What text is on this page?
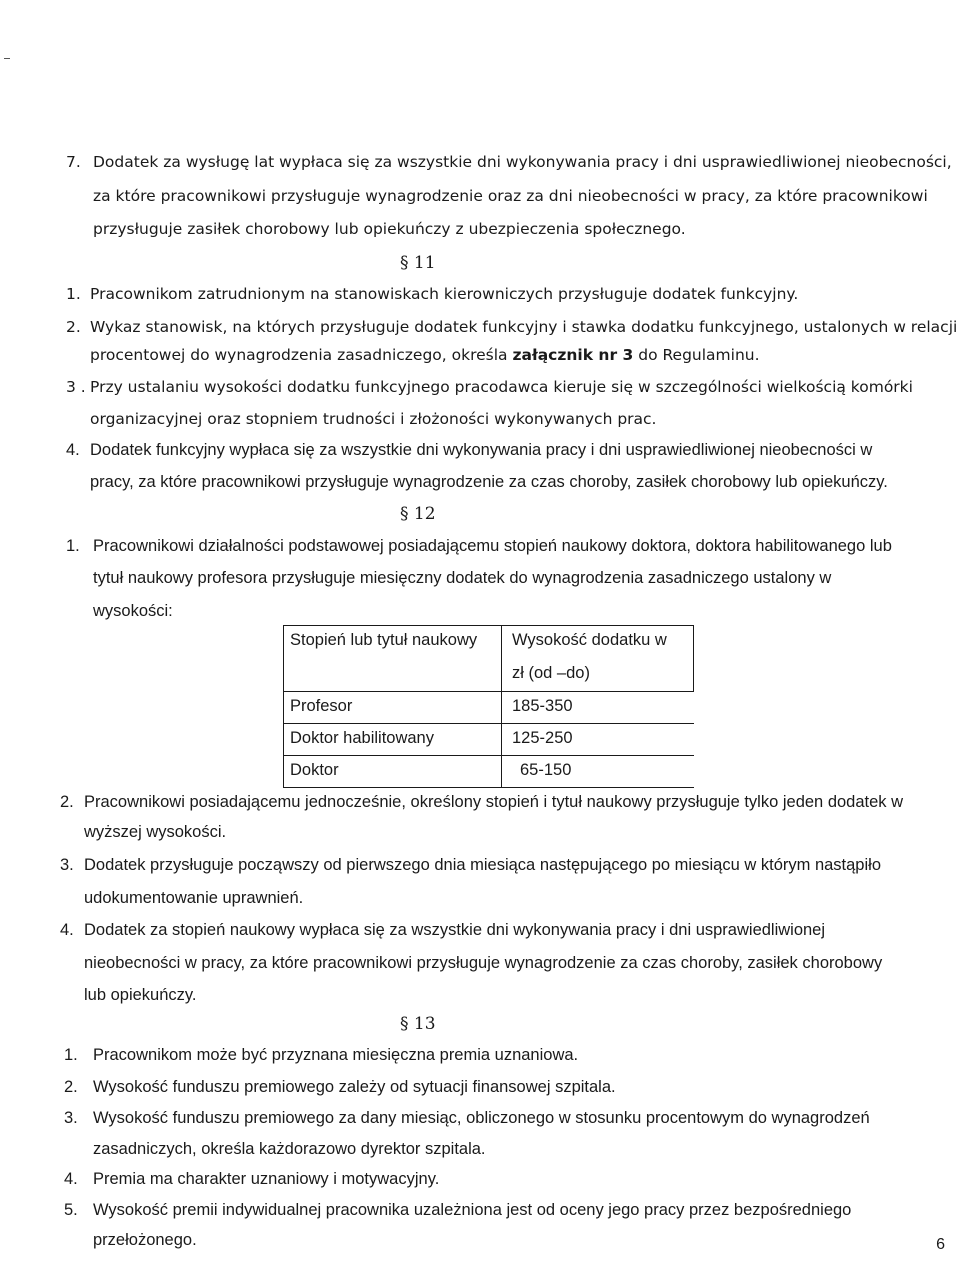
7. Dodatek za wysługę lat wypłaca się za wszystkie dni wykonywania pracy i dni usprawiedliwionej nieobecności,
za które pracownikowi przysługuje wynagrodzenie oraz za dni nieobecności w pracy, za które pracownikowi
przysługuje zasiłek chorobowy lub opiekuńczy z ubezpieczenia społecznego.
§ 11
1. Pracownikom zatrudnionym na stanowiskach kierowniczych przysługuje dodatek funkcyjny.
2. Wykaz stanowisk, na których przysługuje dodatek funkcyjny i stawka dodatku funkcyjnego, ustalonych w relacji
procentowej do wynagrodzenia zasadniczego, określa załącznik nr 3 do Regulaminu.
3 . Przy ustalaniu wysokości dodatku funkcyjnego pracodawca kieruje się w szczególności wielkością komórki
organizacyjnej oraz stopniem trudności i złożoności wykonywanych prac.
4. Dodatek funkcyjny wypłaca się za wszystkie dni wykonywania pracy i dni usprawiedliwionej nieobecności w
pracy, za które pracownikowi przysługuje wynagrodzenie za czas choroby, zasiłek chorobowy lub opiekuńczy.
§ 12
1. Pracownikowi działalności podstawowej posiadającemu stopień naukowy doktora, doktora habilitowanego lub
tytuł naukowy profesora przysługuje miesięczny dodatek do wynagrodzenia zasadniczego ustalony w
wysokości:
Stopień lub tytuł naukowy Wysokość dodatku w
zł (od –do)
Profesor	185-350
Doktor habilitowany	125-250
Doktor	65-150
2. Pracownikowi posiadającemu jednocześnie, określony stopień i tytuł naukowy przysługuje tylko jeden dodatek w
wyższej wysokości.
3. Dodatek przysługuje począwszy od pierwszego dnia miesiąca następującego po miesiącu w którym nastąpiło
udokumentowanie uprawnień.
4. Dodatek za stopień naukowy wypłaca się za wszystkie dni wykonywania pracy i dni usprawiedliwionej
nieobecności w pracy, za które pracownikowi przysługuje wynagrodzenie za czas choroby, zasiłek chorobowy
lub opiekuńczy.
§ 13
1. Pracownikom może być przyznana miesięczna premia uznaniowa.
2. Wysokość funduszu premiowego zależy od sytuacji finansowej szpitala.
3. Wysokość funduszu premiowego za dany miesiąc, obliczonego w stosunku procentowym do wynagrodzeń
zasadniczych, określa każdorazowo dyrektor szpitala.
4. Premia ma charakter uznaniowy i motywacyjny.
5. Wysokość premii indywidualnej pracownika uzależniona jest od oceny jego pracy przez bezpośredniego
przełożonego.	6
